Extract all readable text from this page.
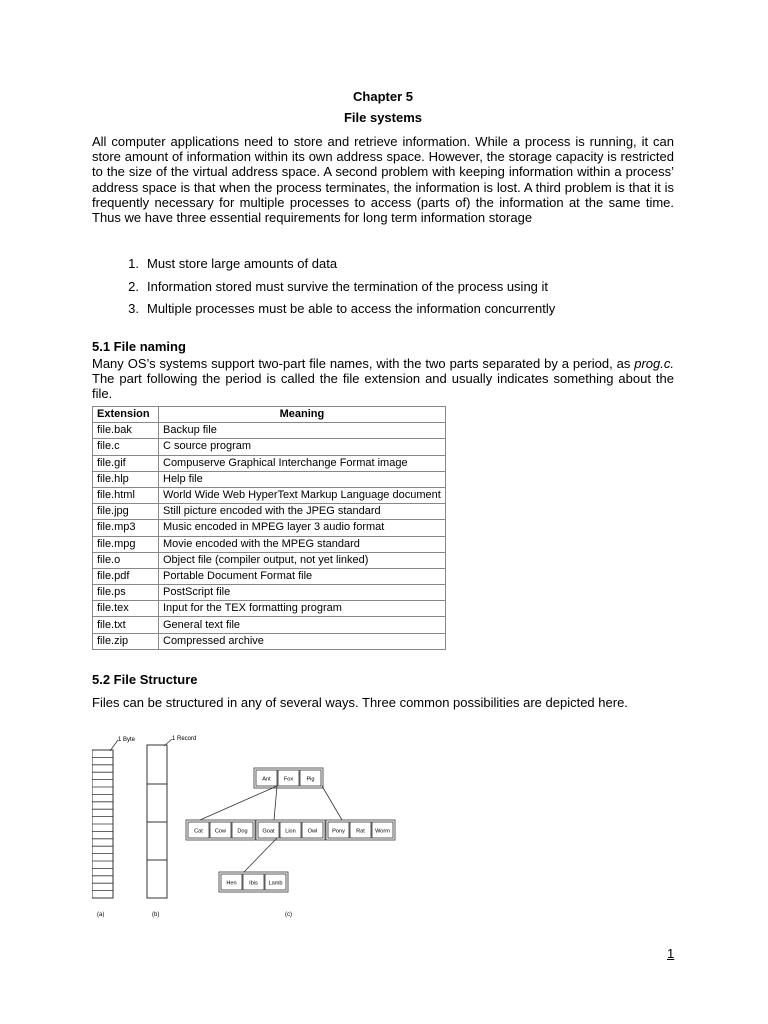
Chapter 5
File systems
All computer applications need to store and retrieve information. While a process is running, it can store amount of information within its own address space. However, the storage capacity is restricted to the size of the virtual address space. A second problem with keeping information within a process’ address space is that when the process terminates, the information is lost. A third problem is that it is frequently necessary for multiple processes to access (parts of) the information at the same time. Thus we have three essential requirements for long term information storage
1. Must store large amounts of data
2. Information stored must survive the termination of the process using it
3. Multiple processes must be able to access the information concurrently
5.1 File naming
Many OS’s systems support two-part file names, with the two parts separated by a period, as prog.c. The part following the period is called the file extension and usually indicates something about the file.
Extension	Meaning
file.bak	Backup file
file.c	C source program
file.gif	Compuserve Graphical Interchange Format image
file.hlp	Help file
file.html	World Wide Web HyperText Markup Language document
file.jpg	Still picture encoded with the JPEG standard
file.mp3	Music encoded in MPEG layer 3 audio format
file.mpg	Movie encoded with the MPEG standard
file.o	Object file (compiler output, not yet linked)
file.pdf	Portable Document Format file
file.ps	PostScript file
file.tex	Input for the TEX formatting program
file.txt	General text file
file.zip	Compressed archive
5.2 File Structure
Files can be structured in any of several ways. Three common possibilities are depicted here.
1 Byte
(a)
1 Record
(b)
Ant Fox Pig
Cat Cow Dog	Goat Lion Owl	Pony Rat Worm
Hen Ibis Lamb
(c)
1
